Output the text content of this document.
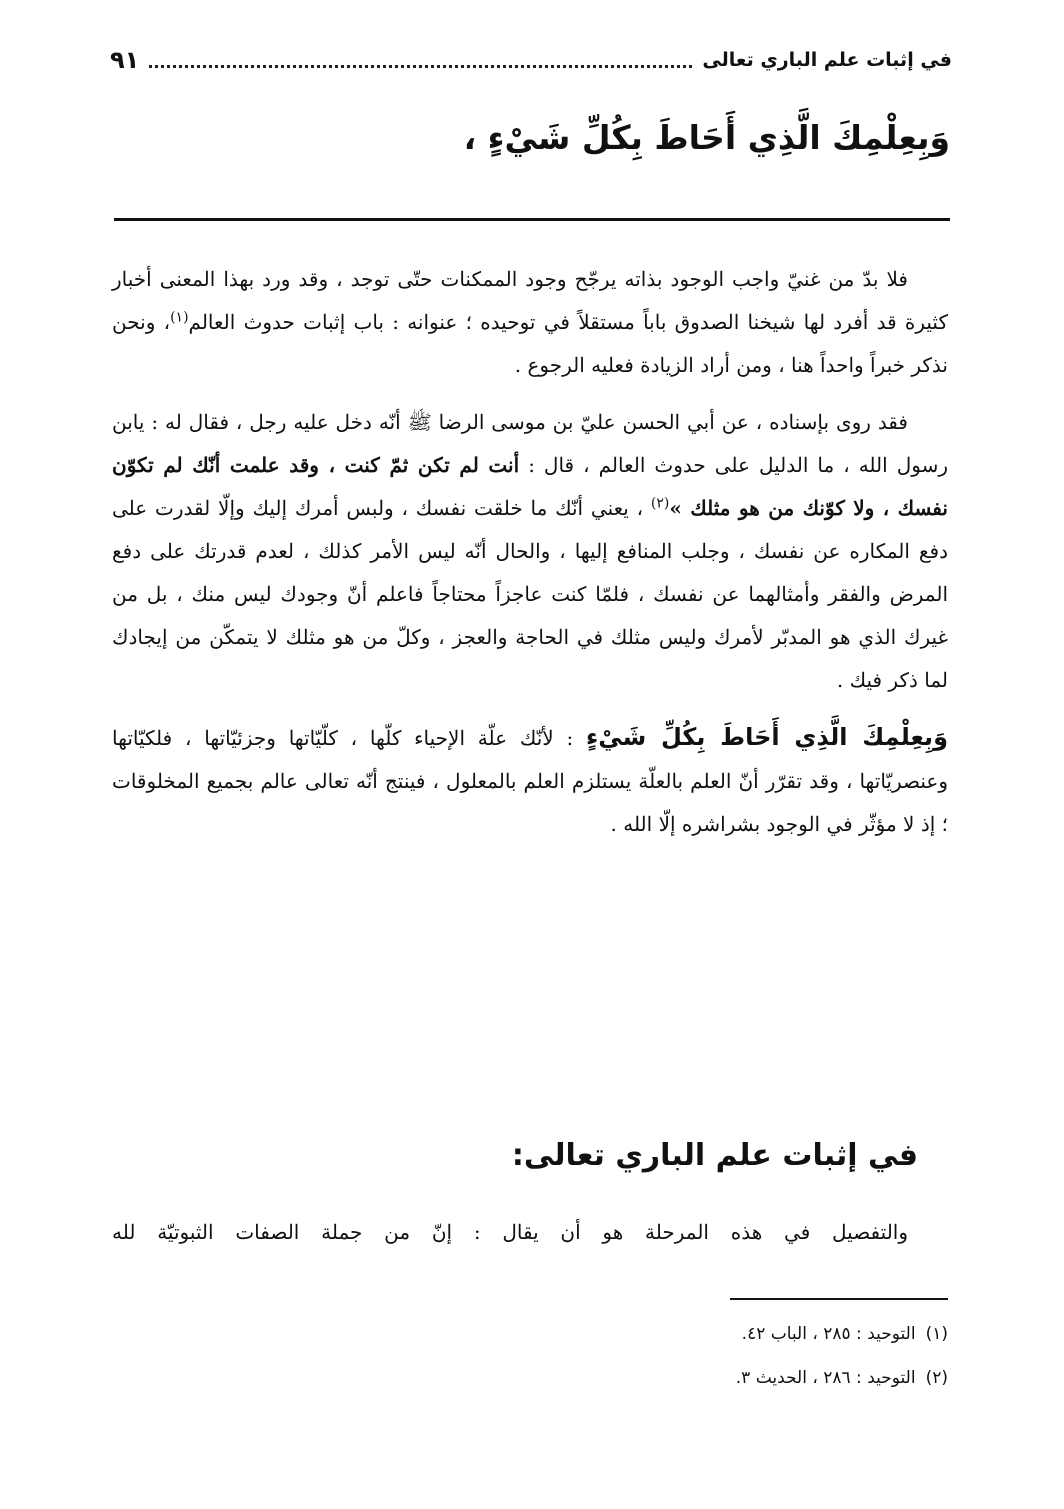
في إثبات علم الباري تعالى
٩١
وَبِعِلْمِكَ الَّذِي أَحَاطَ بِكُلِّ شَيْءٍ ،

فلا بدّ من غنيّ واجب الوجود بذاته يرجّح وجود الممكنات حتّى توجد ، وقد ورد بهذا المعنى أخبار كثيرة قد أفرد لها شيخنا الصدوق باباً مستقلاً في توحيده ؛ عنوانه : باب إثبات حدوث العالم$^{(١)}$، ونحن نذكر خبراً واحداً هنا ، ومن أراد الزيادة فعليه الرجوع .

فقد روى بإسناده ، عن أبي الحسن عليّ بن موسى الرضا ﷺ أنّه دخل عليه رجل ، فقال له : يابن رسول الله ، ما الدليل على حدوث العالم ، قال : أنت لم تكن ثمّ كنت ، وقد علمت أنّك لم تكوّن نفسك ، ولا كوّنك من هو مثلك »$^{(٢)}$ ، يعني أنّك ما خلقت نفسك ، ولبس أمرك إليك وإلّا لقدرت على دفع المكاره عن نفسك ، وجلب المنافع إليها ، والحال أنّه ليس الأمر كذلك ، لعدم قدرتك على دفع المرض والفقر وأمثالهما عن نفسك ، فلمّا كنت عاجزاً محتاجاً فاعلم أنّ وجودك ليس منك ، بل من غيرك الذي هو المدبّر لأمرك وليس مثلك في الحاجة والعجز ، وكلّ من هو مثلك لا يتمكّن من إيجادك لما ذكر فيك .

وَبِعِلْمِكَ الَّذِي أَحَاطَ بِكُلِّ شَيْءٍ : لأنّك علّة الإحياء كلّها ، كلّيّاتها وجزئيّاتها ، فلكيّاتها وعنصريّاتها ، وقد تقرّر أنّ العلم بالعلّة يستلزم العلم بالمعلول ، فينتج أنّه تعالى عالم بجميع المخلوقات ؛ إذ لا مؤثّر في الوجود بشراشره إلّا الله .

في إثبات علم الباري تعالى:
والتفصيل في هذه المرحلة هو أن يقال : إنّ من جملة الصفات الثبوتيّة لله
(١)التوحيد : ٢٨٥ ، الباب ٤٢.
(٢)التوحيد : ٢٨٦ ، الحديث ٣.
